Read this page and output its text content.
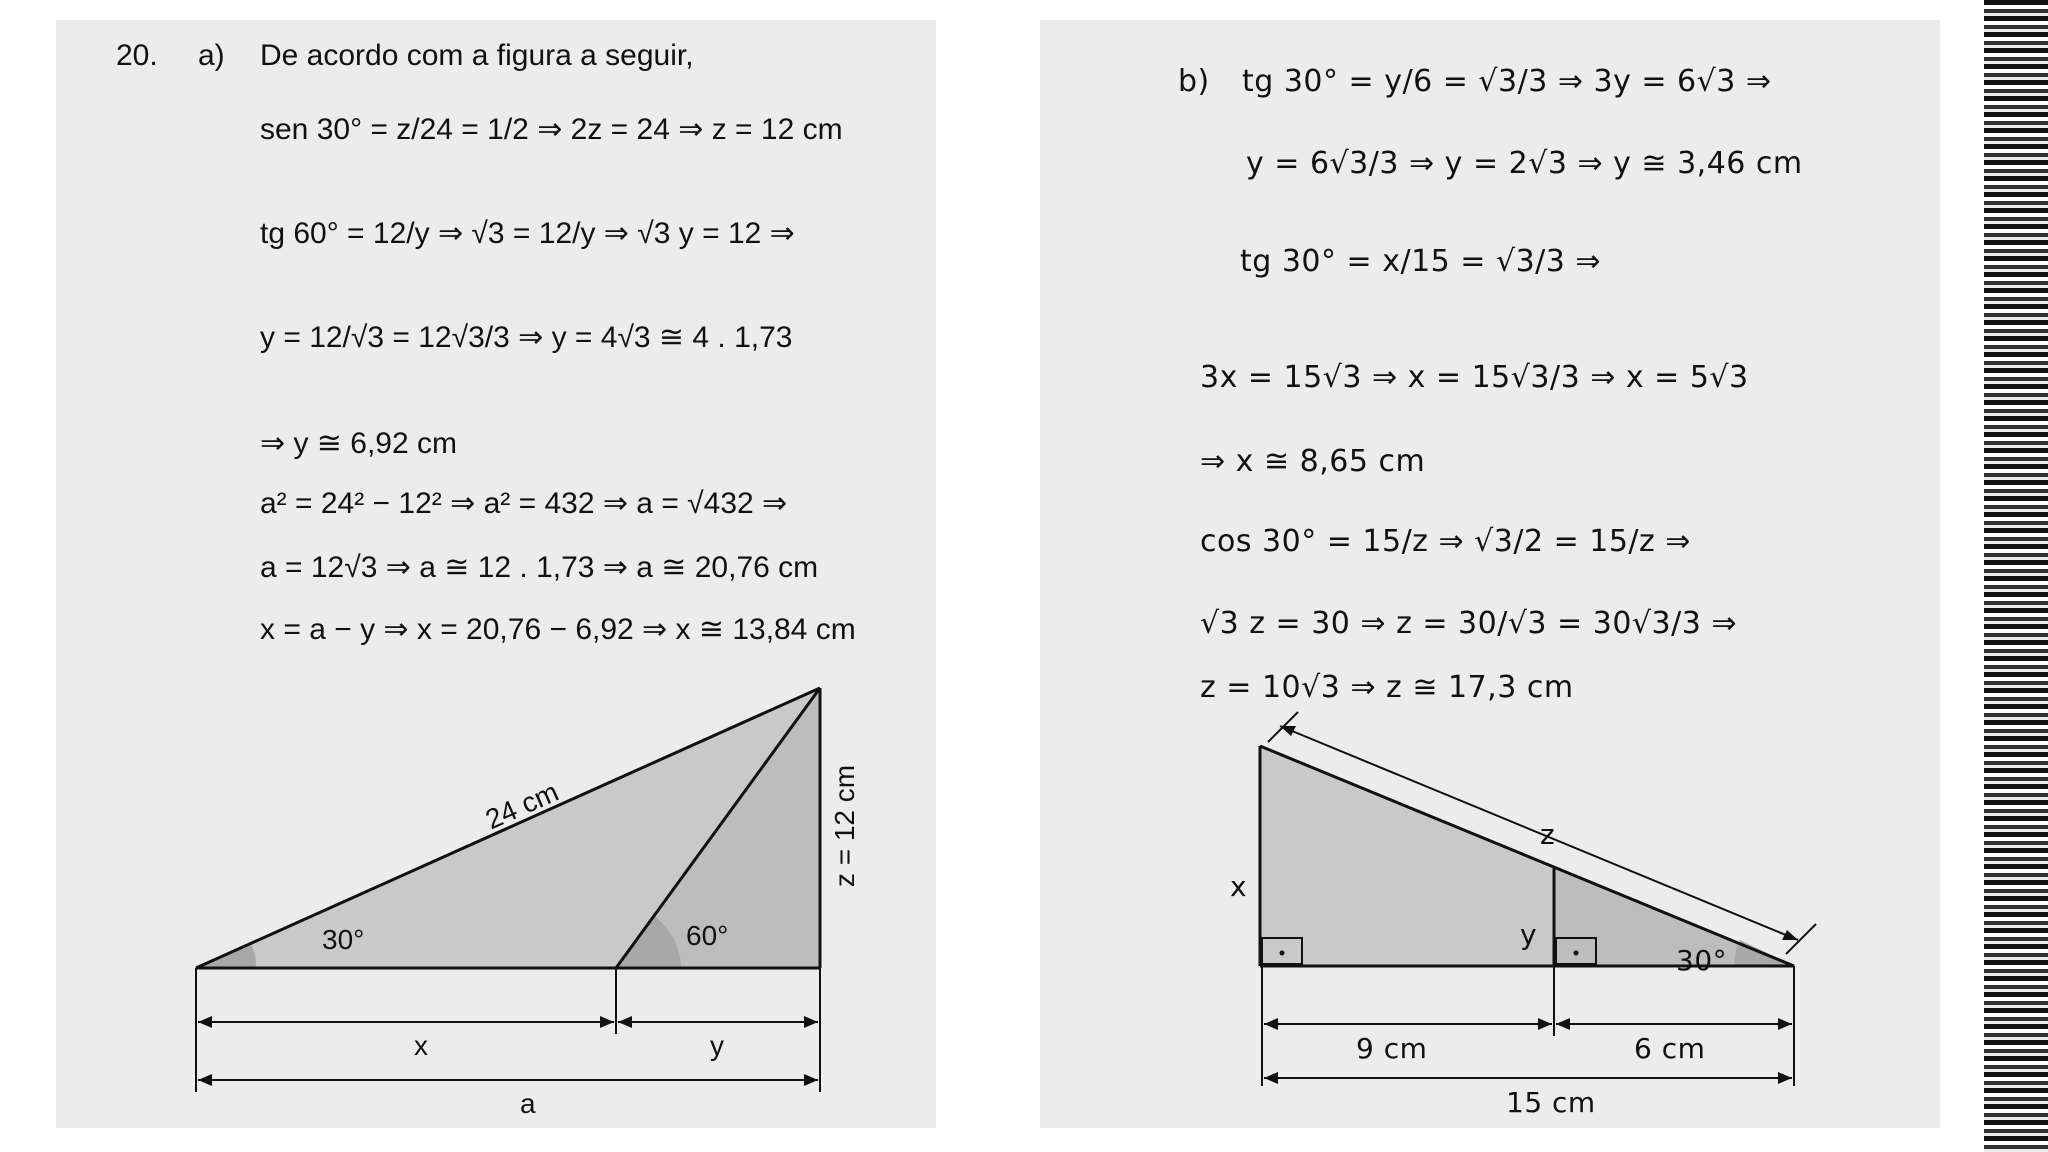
20. a) De acordo com a figura a seguir,
sen 30° = z/24 = 1/2 ⇒ 2z = 24 ⇒ z = 12 cm
tg 60° = 12/y ⇒ √3 = 12/y ⇒ √3 y = 12 ⇒
y = 12/√3 = 12√3/3 ⇒ y = 4√3 ≅ 4 . 1,73
⇒ y ≅ 6,92 cm
a² = 24² − 12² ⇒ a² = 432 ⇒ a = √432 ⇒
a = 12√3 ⇒ a ≅ 12 . 1,73 ⇒ a ≅ 20,76 cm
x = a − y ⇒ x = 20,76 − 6,92 ⇒ x ≅ 13,84 cm
24 cm
30°	60°
z = 12 cm
x	y
a
b) tg 30° = y/6 = √3/3 ⇒ 3y = 6√3 ⇒
y = 6√3/3 ⇒ y = 2√3 ⇒ y ≅ 3,46 cm
tg 30° = x/15 = √3/3 ⇒
3x = 15√3 ⇒ x = 15√3/3 ⇒ x = 5√3
⇒ x ≅ 8,65 cm
cos 30° = 15/z ⇒ √3/2 = 15/z ⇒
√3 z = 30 ⇒ z = 30/√3 = 30√3/3 ⇒
z = 10√3 ⇒ z ≅ 17,3 cm
z
x
y
30°
9 cm	6 cm
15 cm
